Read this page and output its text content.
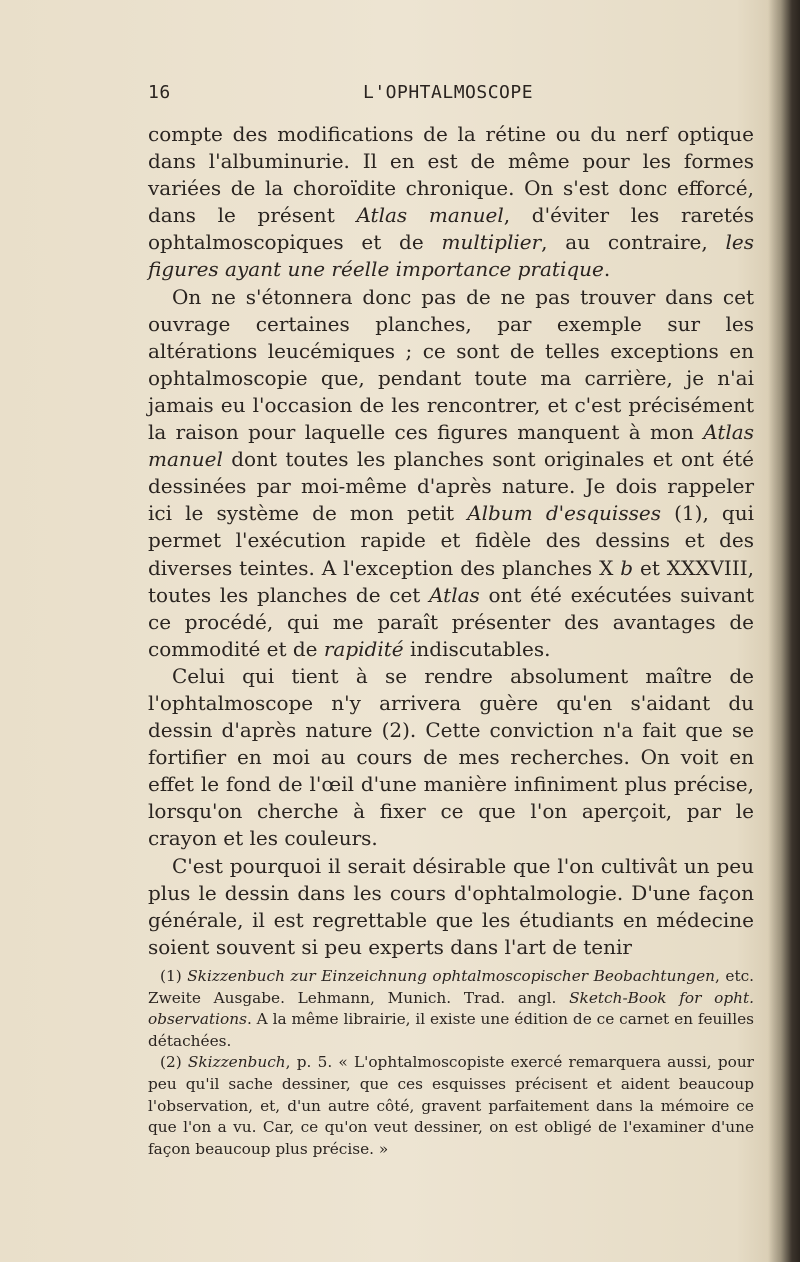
16	L'OPHTALMOSCOPE

compte des modifications de la rétine ou du nerf optique dans l'albuminurie. Il en est de même pour les formes variées de la choroïdite chronique. On s'est donc efforcé, dans le présent Atlas manuel, d'éviter les raretés ophtalmoscopiques et de multiplier, au contraire, les figures ayant une réelle importance pratique.

On ne s'étonnera donc pas de ne pas trouver dans cet ouvrage certaines planches, par exemple sur les altérations leucémiques ; ce sont de telles exceptions en ophtalmoscopie que, pendant toute ma carrière, je n'ai jamais eu l'occasion de les rencontrer, et c'est précisément la raison pour laquelle ces figures manquent à mon Atlas manuel dont toutes les planches sont originales et ont été dessinées par moi-même d'après nature. Je dois rappeler ici le système de mon petit Album d'esquisses (1), qui permet l'exécution rapide et fidèle des dessins et des diverses teintes. A l'exception des planches X b et XXXVIII, toutes les planches de cet Atlas ont été exécutées suivant ce procédé, qui me paraît présenter des avantages de commodité et de rapidité indiscutables.

Celui qui tient à se rendre absolument maître de l'ophtalmoscope n'y arrivera guère qu'en s'aidant du dessin d'après nature (2). Cette conviction n'a fait que se fortifier en moi au cours de mes recherches. On voit en effet le fond de l'œil d'une manière infiniment plus précise, lorsqu'on cherche à fixer ce que l'on aperçoit, par le crayon et les couleurs.

C'est pourquoi il serait désirable que l'on cultivât un peu plus le dessin dans les cours d'ophtalmologie. D'une façon générale, il est regrettable que les étudiants en médecine soient souvent si peu experts dans l'art de tenir

(1) Skizzenbuch zur Einzeichnung ophtalmoscopischer Beobachtungen, etc. Zweite Ausgabe. Lehmann, Munich. Trad. angl. Sketch-Book for opht. observations. A la même librairie, il existe une édition de ce carnet en feuilles détachées.

(2) Skizzenbuch, p. 5. « L'ophtalmoscopiste exercé remarquera aussi, pour peu qu'il sache dessiner, que ces esquisses précisent et aident beaucoup l'observation, et, d'un autre côté, gravent parfaitement dans la mémoire ce que l'on a vu. Car, ce qu'on veut dessiner, on est obligé de l'examiner d'une façon beaucoup plus précise. »
